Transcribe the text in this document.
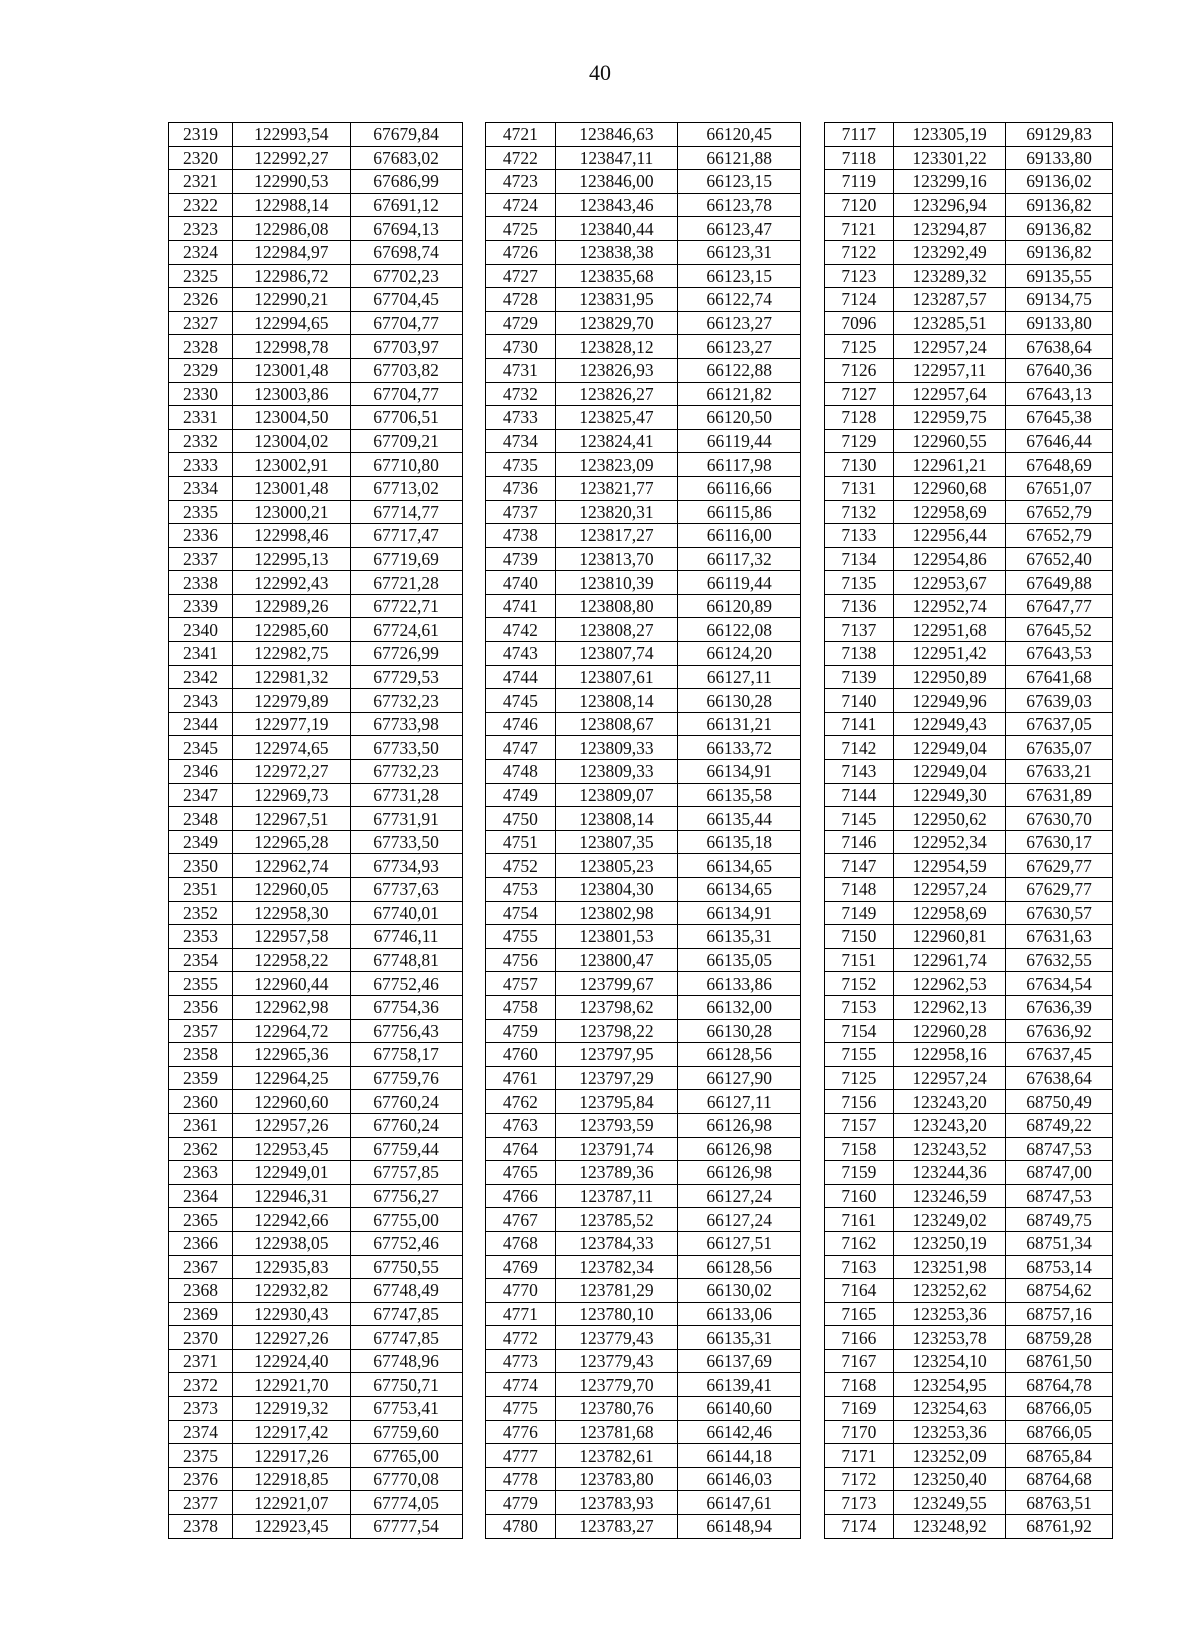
40
2319	122993,54	67679,84		4721	123846,63	66120,45		7117	123305,19	69129,83
2320	122992,27	67683,02		4722	123847,11	66121,88		7118	123301,22	69133,80
2321	122990,53	67686,99		4723	123846,00	66123,15		7119	123299,16	69136,02
2322	122988,14	67691,12		4724	123843,46	66123,78		7120	123296,94	69136,82
2323	122986,08	67694,13		4725	123840,44	66123,47		7121	123294,87	69136,82
2324	122984,97	67698,74		4726	123838,38	66123,31		7122	123292,49	69136,82
2325	122986,72	67702,23		4727	123835,68	66123,15		7123	123289,32	69135,55
2326	122990,21	67704,45		4728	123831,95	66122,74		7124	123287,57	69134,75
2327	122994,65	67704,77		4729	123829,70	66123,27		7096	123285,51	69133,80
2328	122998,78	67703,97		4730	123828,12	66123,27		7125	122957,24	67638,64
2329	123001,48	67703,82		4731	123826,93	66122,88		7126	122957,11	67640,36
2330	123003,86	67704,77		4732	123826,27	66121,82		7127	122957,64	67643,13
2331	123004,50	67706,51		4733	123825,47	66120,50		7128	122959,75	67645,38
2332	123004,02	67709,21		4734	123824,41	66119,44		7129	122960,55	67646,44
2333	123002,91	67710,80		4735	123823,09	66117,98		7130	122961,21	67648,69
2334	123001,48	67713,02		4736	123821,77	66116,66		7131	122960,68	67651,07
2335	123000,21	67714,77		4737	123820,31	66115,86		7132	122958,69	67652,79
2336	122998,46	67717,47		4738	123817,27	66116,00		7133	122956,44	67652,79
2337	122995,13	67719,69		4739	123813,70	66117,32		7134	122954,86	67652,40
2338	122992,43	67721,28		4740	123810,39	66119,44		7135	122953,67	67649,88
2339	122989,26	67722,71		4741	123808,80	66120,89		7136	122952,74	67647,77
2340	122985,60	67724,61		4742	123808,27	66122,08		7137	122951,68	67645,52
2341	122982,75	67726,99		4743	123807,74	66124,20		7138	122951,42	67643,53
2342	122981,32	67729,53		4744	123807,61	66127,11		7139	122950,89	67641,68
2343	122979,89	67732,23		4745	123808,14	66130,28		7140	122949,96	67639,03
2344	122977,19	67733,98		4746	123808,67	66131,21		7141	122949,43	67637,05
2345	122974,65	67733,50		4747	123809,33	66133,72		7142	122949,04	67635,07
2346	122972,27	67732,23		4748	123809,33	66134,91		7143	122949,04	67633,21
2347	122969,73	67731,28		4749	123809,07	66135,58		7144	122949,30	67631,89
2348	122967,51	67731,91		4750	123808,14	66135,44		7145	122950,62	67630,70
2349	122965,28	67733,50		4751	123807,35	66135,18		7146	122952,34	67630,17
2350	122962,74	67734,93		4752	123805,23	66134,65		7147	122954,59	67629,77
2351	122960,05	67737,63		4753	123804,30	66134,65		7148	122957,24	67629,77
2352	122958,30	67740,01		4754	123802,98	66134,91		7149	122958,69	67630,57
2353	122957,58	67746,11		4755	123801,53	66135,31		7150	122960,81	67631,63
2354	122958,22	67748,81		4756	123800,47	66135,05		7151	122961,74	67632,55
2355	122960,44	67752,46		4757	123799,67	66133,86		7152	122962,53	67634,54
2356	122962,98	67754,36		4758	123798,62	66132,00		7153	122962,13	67636,39
2357	122964,72	67756,43		4759	123798,22	66130,28		7154	122960,28	67636,92
2358	122965,36	67758,17		4760	123797,95	66128,56		7155	122958,16	67637,45
2359	122964,25	67759,76		4761	123797,29	66127,90		7125	122957,24	67638,64
2360	122960,60	67760,24		4762	123795,84	66127,11		7156	123243,20	68750,49
2361	122957,26	67760,24		4763	123793,59	66126,98		7157	123243,20	68749,22
2362	122953,45	67759,44		4764	123791,74	66126,98		7158	123243,52	68747,53
2363	122949,01	67757,85		4765	123789,36	66126,98		7159	123244,36	68747,00
2364	122946,31	67756,27		4766	123787,11	66127,24		7160	123246,59	68747,53
2365	122942,66	67755,00		4767	123785,52	66127,24		7161	123249,02	68749,75
2366	122938,05	67752,46		4768	123784,33	66127,51		7162	123250,19	68751,34
2367	122935,83	67750,55		4769	123782,34	66128,56		7163	123251,98	68753,14
2368	122932,82	67748,49		4770	123781,29	66130,02		7164	123252,62	68754,62
2369	122930,43	67747,85		4771	123780,10	66133,06		7165	123253,36	68757,16
2370	122927,26	67747,85		4772	123779,43	66135,31		7166	123253,78	68759,28
2371	122924,40	67748,96		4773	123779,43	66137,69		7167	123254,10	68761,50
2372	122921,70	67750,71		4774	123779,70	66139,41		7168	123254,95	68764,78
2373	122919,32	67753,41		4775	123780,76	66140,60		7169	123254,63	68766,05
2374	122917,42	67759,60		4776	123781,68	66142,46		7170	123253,36	68766,05
2375	122917,26	67765,00		4777	123782,61	66144,18		7171	123252,09	68765,84
2376	122918,85	67770,08		4778	123783,80	66146,03		7172	123250,40	68764,68
2377	122921,07	67774,05		4779	123783,93	66147,61		7173	123249,55	68763,51
2378	122923,45	67777,54		4780	123783,27	66148,94		7174	123248,92	68761,92
